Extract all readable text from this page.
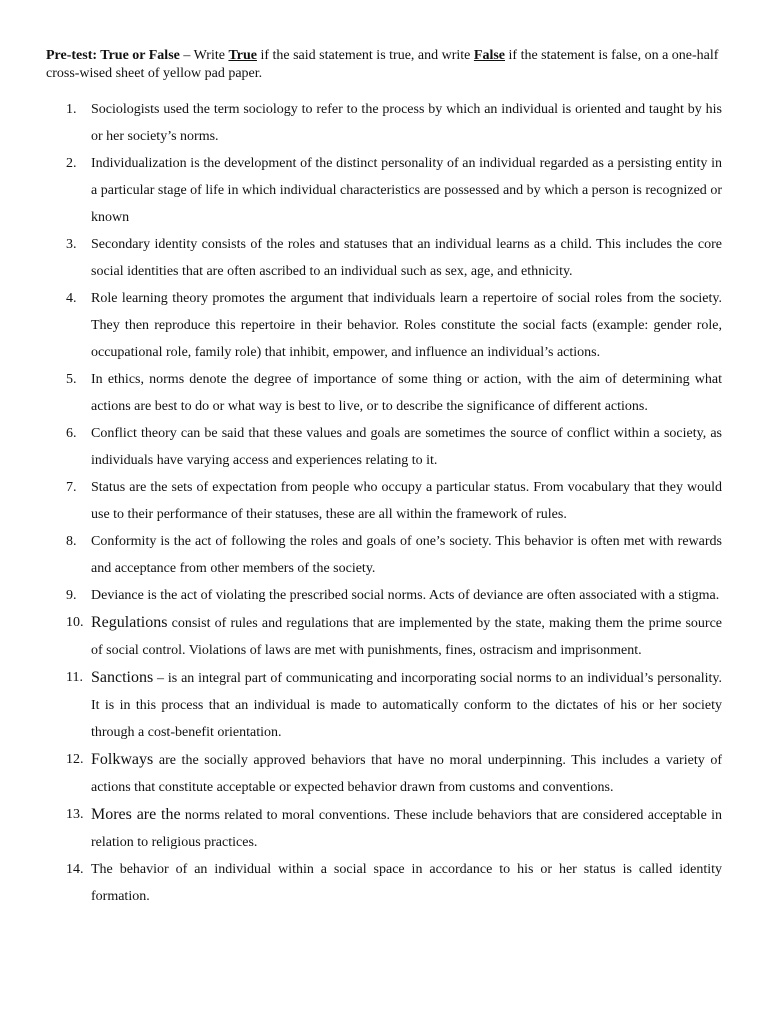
Pre-test: True or False – Write True if the said statement is true, and write False if the statement is false, on a one-half cross-wised sheet of yellow pad paper.
1.	Sociologists used the term sociology to refer to the process by which an individual is oriented and taught by his or her society’s norms.
2.	Individualization is the development of the distinct personality of an individual regarded as a persisting entity in a particular stage of life in which individual characteristics are possessed and by which a person is recognized or known
3.	Secondary identity consists of the roles and statuses that an individual learns as a child. This includes the core social identities that are often ascribed to an individual such as sex, age, and ethnicity.
4.	Role learning theory promotes the argument that individuals learn a repertoire of social roles from the society. They then reproduce this repertoire in their behavior. Roles constitute the social facts (example: gender role, occupational role, family role) that inhibit, empower, and influence an individual’s actions.
5.	In ethics, norms denote the degree of importance of some thing or action, with the aim of determining what actions are best to do or what way is best to live, or to describe the significance of different actions.
6.	Conflict theory can be said that these values and goals are sometimes the source of conflict within a society, as individuals have varying access and experiences relating to it.
7.	Status are the sets of expectation from people who occupy a particular status. From vocabulary that they would use to their performance of their statuses, these are all within the framework of rules.
8.	Conformity is the act of following the roles and goals of one’s society. This behavior is often met with rewards and acceptance from other members of the society.
9.	Deviance is the act of violating the prescribed social norms. Acts of deviance are often associated with a stigma.
10. Regulations consist of rules and regulations that are implemented by the state, making them the prime source of social control. Violations of laws are met with punishments, fines, ostracism and imprisonment.
11. Sanctions – is an integral part of communicating and incorporating social norms to an individual’s personality. It is in this process that an individual is made to automatically conform to the dictates of his or her society through a cost-benefit orientation.
12. Folkways are the socially approved behaviors that have no moral underpinning. This includes a variety of actions that constitute acceptable or expected behavior drawn from customs and conventions.
13. Mores are the norms related to moral conventions. These include behaviors that are considered acceptable in relation to religious practices.
14. The behavior of an individual within a social space in accordance to his or her status is called identity formation.
